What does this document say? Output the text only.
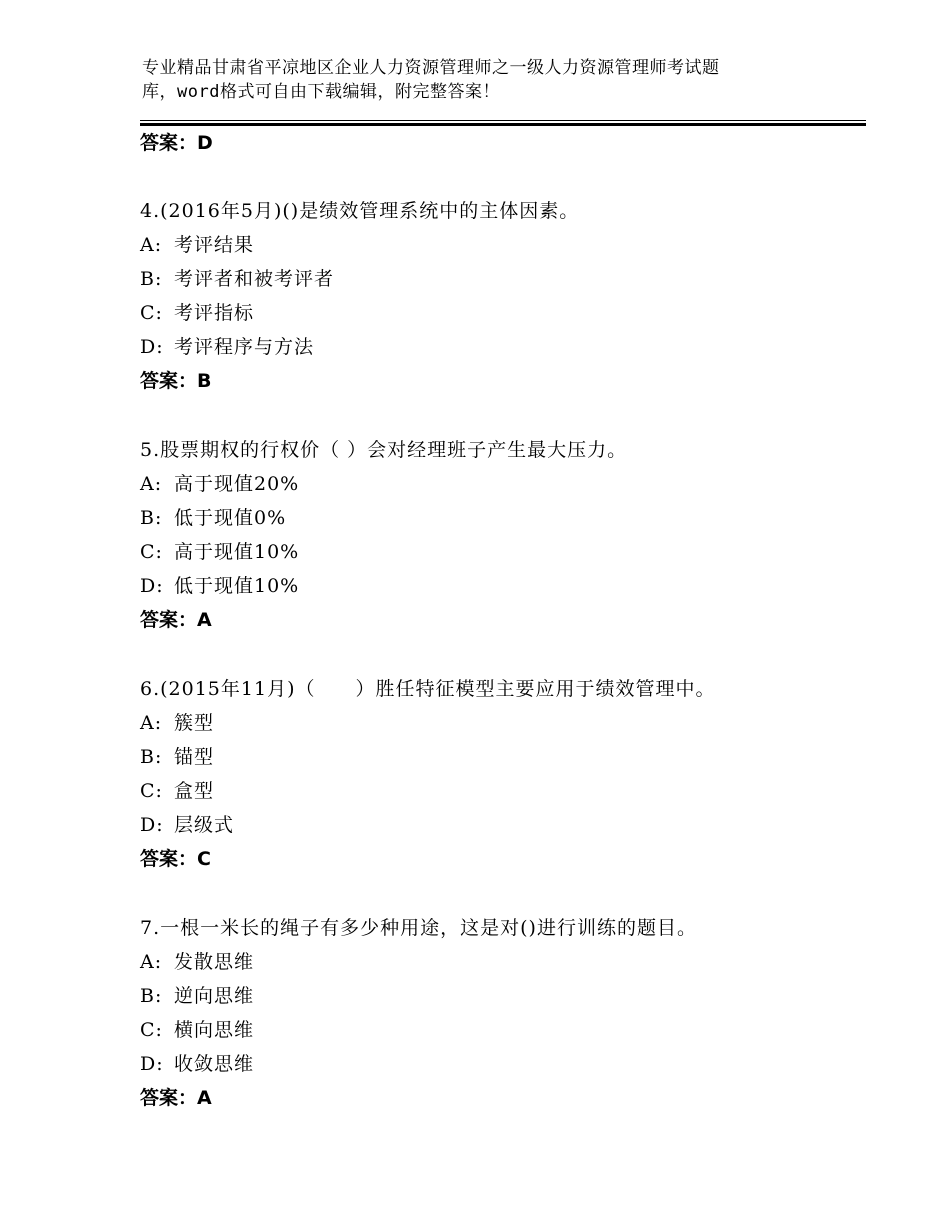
专业精品甘肃省平凉地区企业人力资源管理师之一级人力资源管理师考试题
库，word格式可自由下载编辑，附完整答案！
答案：D
4.(2016年5月)()是绩效管理系统中的主体因素。
A: 考评结果
B: 考评者和被考评者
C: 考评指标
D: 考评程序与方法
答案：B
5.股票期权的行权价（ ）会对经理班子产生最大压力。
A: 高于现值20%
B: 低于现值0%
C: 高于现值10%
D: 低于现值10%
答案：A
6.(2015年11月)（　　）胜任特征模型主要应用于绩效管理中。
A: 簇型
B: 锚型
C: 盒型
D: 层级式
答案：C
7.一根一米长的绳子有多少种用途，这是对()进行训练的题目。
A: 发散思维
B: 逆向思维
C: 横向思维
D: 收敛思维
答案：A
